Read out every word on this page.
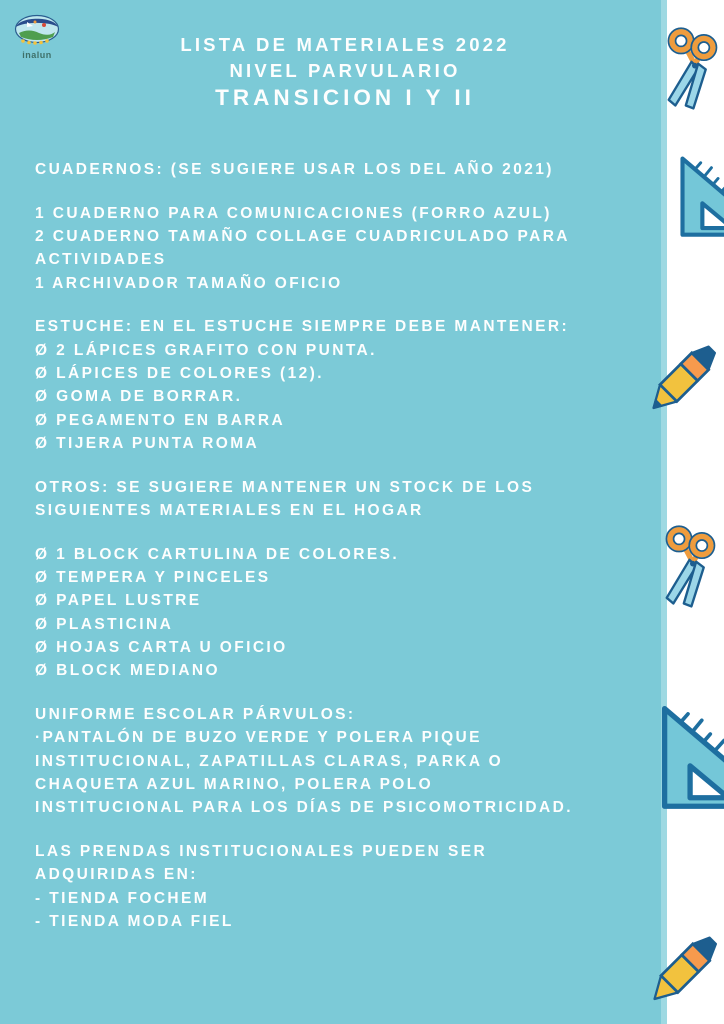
inalun	LISTA DE MATERIALES 2022
NIVEL PARVULARIO
TRANSICION I Y II

CUADERNOS: (SE SUGIERE USAR LOS DEL AÑO 2021)

1 CUADERNO PARA COMUNICACIONES (FORRO AZUL)

2 CUADERNO TAMAÑO COLLAGE CUADRICULADO PARA

ACTIVIDADES

1 ARCHIVADOR TAMAÑO OFICIO

ESTUCHE: EN EL ESTUCHE SIEMPRE DEBE MANTENER:

Ø 2 LÁPICES GRAFITO CON PUNTA.

Ø LÁPICES DE COLORES (12).

Ø GOMA DE BORRAR.

Ø PEGAMENTO EN BARRA

Ø TIJERA PUNTA ROMA

OTROS: SE SUGIERE MANTENER UN STOCK DE LOS

SIGUIENTES MATERIALES EN EL HOGAR

Ø 1 BLOCK CARTULINA DE COLORES.

Ø TEMPERA Y PINCELES

Ø PAPEL LUSTRE

Ø PLASTICINA

Ø HOJAS CARTA U OFICIO

Ø BLOCK MEDIANO

UNIFORME ESCOLAR PÁRVULOS:

·PANTALÓN DE BUZO VERDE Y POLERA PIQUE

INSTITUCIONAL, ZAPATILLAS CLARAS, PARKA O

CHAQUETA AZUL MARINO, POLERA POLO

INSTITUCIONAL PARA LOS DÍAS DE PSICOMOTRICIDAD.

LAS PRENDAS INSTITUCIONALES PUEDEN SER

ADQUIRIDAS EN:

- TIENDA FOCHEM

- TIENDA MODA FIEL
